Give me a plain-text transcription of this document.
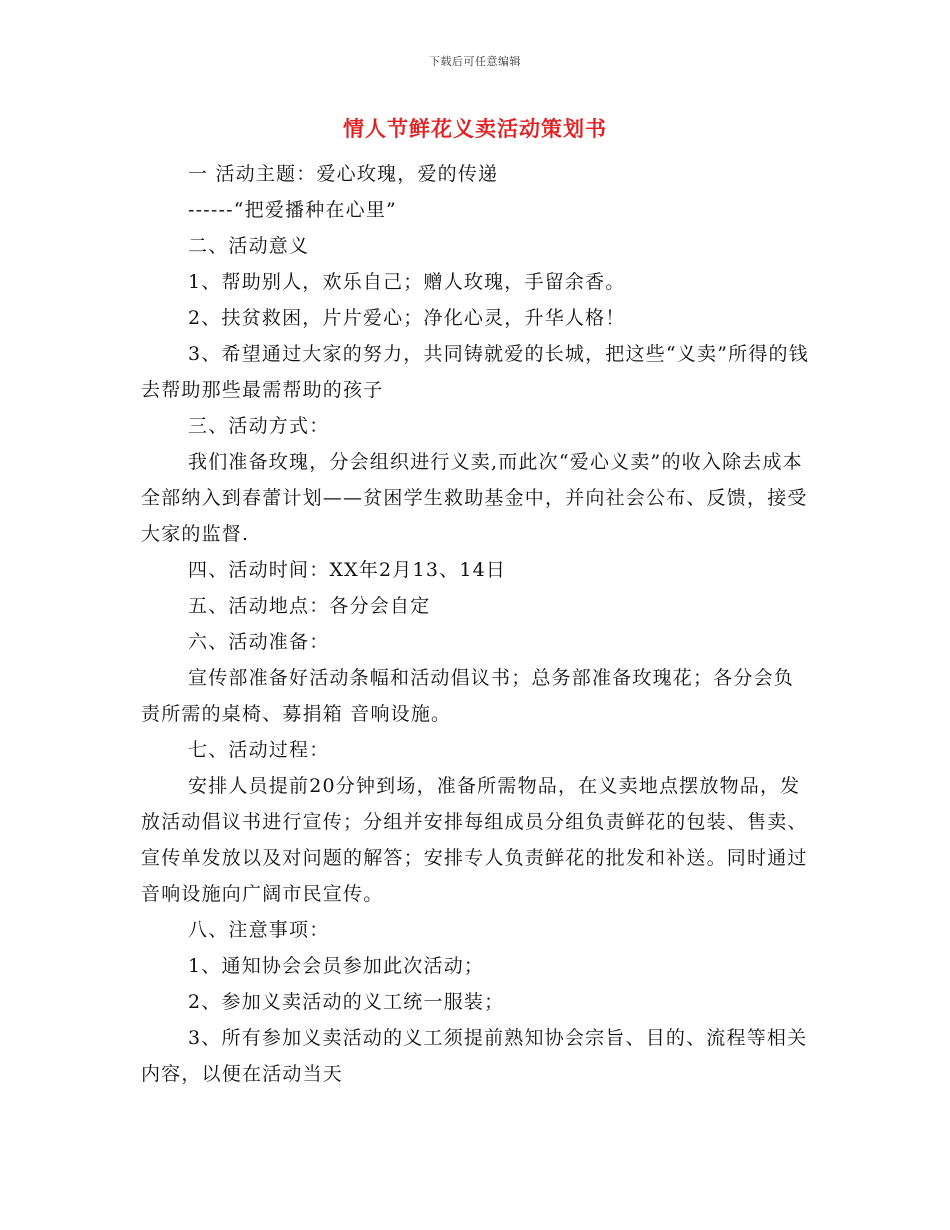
下载后可任意编辑
情人节鲜花义卖活动策划书

一 活动主题：爱心玫瑰，爱的传递

------“把爱播种在心里”

二、活动意义

1、帮助别人，欢乐自己；赠人玫瑰，手留余香。

2、扶贫救困，片片爱心；净化心灵，升华人格！

3、希望通过大家的努力，共同铸就爱的长城，把这些“义卖”所得的钱去帮助那些最需帮助的孩子

三、活动方式：

我们准备玫瑰，分会组织进行义卖,而此次“爱心义卖”的收入除去成本全部纳入到春蕾计划——贫困学生救助基金中，并向社会公布、反馈，接受大家的监督.

四、活动时间：XX年2月13、14日

五、活动地点：各分会自定

六、活动准备：

宣传部准备好活动条幅和活动倡议书；总务部准备玫瑰花；各分会负责所需的桌椅、募捐箱 音响设施。

七、活动过程：

安排人员提前20分钟到场，准备所需物品，在义卖地点摆放物品，发放活动倡议书进行宣传；分组并安排每组成员分组负责鲜花的包装、售卖、宣传单发放以及对问题的解答；安排专人负责鲜花的批发和补送。同时通过音响设施向广阔市民宣传。

八、注意事项：

1、通知协会会员参加此次活动；

2、参加义卖活动的义工统一服装；

3、所有参加义卖活动的义工须提前熟知协会宗旨、目的、流程等相关内容，以便在活动当天
